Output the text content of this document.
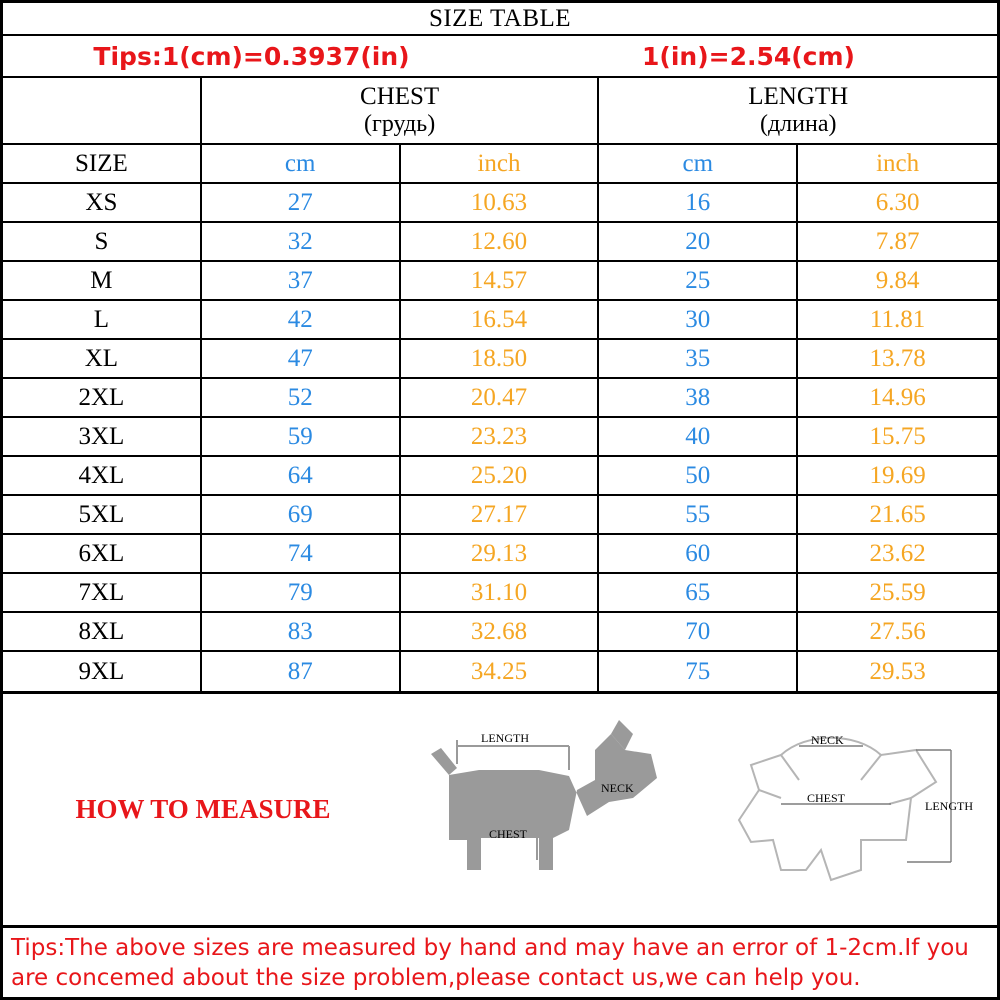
SIZE TABLE
Tips:1(cm)=0.3937(in)	1(in)=2.54(cm)
CHEST
(грудь)
LENGTH
(длина)
SIZE	cm	inch	cm	inch
XS	27	10.63	16	6.30
S	32	12.60	20	7.87
M	37	14.57	25	9.84
L	42	16.54	30	11.81
XL	47	18.50	35	13.78
2XL	52	20.47	38	14.96
3XL	59	23.23	40	15.75
4XL	64	25.20	50	19.69
5XL	69	27.17	55	21.65
6XL	74	29.13	60	23.62
7XL	79	31.10	65	25.59
8XL	83	32.68	70	27.56
9XL	87	34.25	75	29.53
HOW TO MEASURE
LENGTH
NECK
CHEST
NECK
CHEST
LENGTH
Tips:The above sizes are measured by hand and may have an error of 1-2cm.If you are concemed about the size problem,please contact us,we can help you.
